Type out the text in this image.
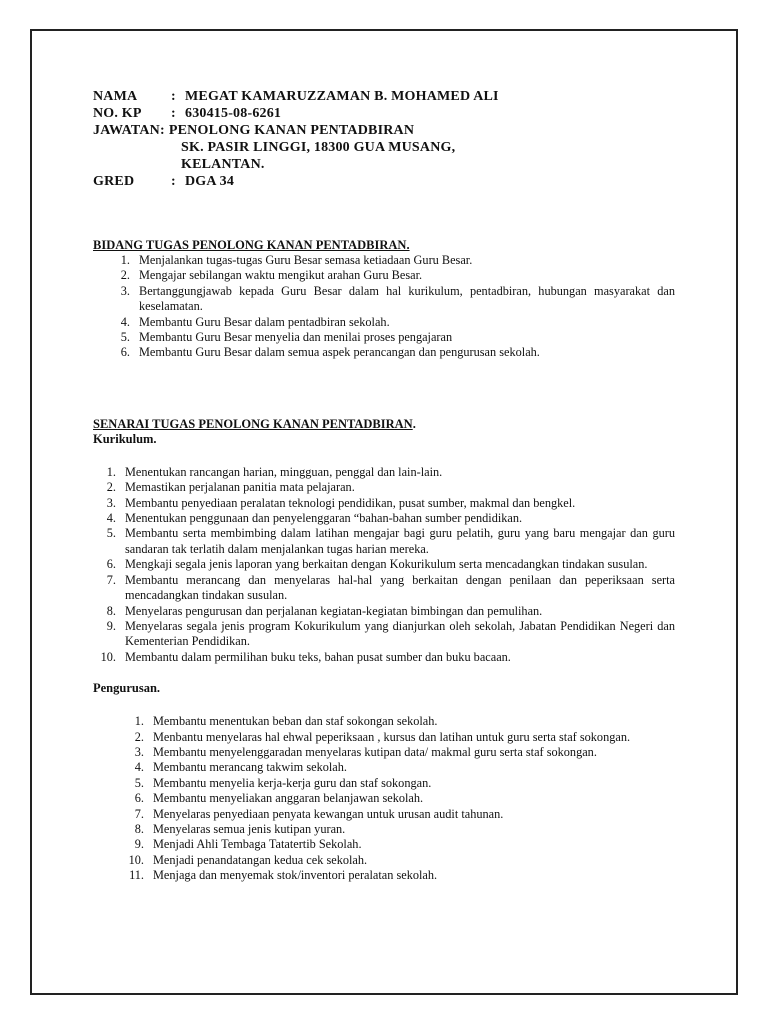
NAMA	: MEGAT KAMARUZZAMAN B. MOHAMED ALI
NO. KP	: 630415-08-6261
JAWATAN : PENOLONG KANAN PENTADBIRAN
SK. PASIR LINGGI, 18300 GUA MUSANG,
KELANTAN.
GRED	: DGA 34
BIDANG TUGAS PENOLONG KANAN PENTADBIRAN.
1. Menjalankan tugas-tugas Guru Besar semasa ketiadaan Guru Besar.
2. Mengajar sebilangan waktu mengikut arahan Guru Besar.
3. Bertanggungjawab kepada Guru Besar dalam hal kurikulum, pentadbiran, hubungan masyarakat dan keselamatan.
4. Membantu Guru Besar dalam pentadbiran sekolah.
5. Membantu Guru Besar menyelia dan menilai proses pengajaran
6. Membantu Guru Besar dalam semua aspek perancangan dan pengurusan sekolah.
SENARAI TUGAS PENOLONG KANAN PENTADBIRAN.
Kurikulum.
1. Menentukan rancangan harian, mingguan, penggal dan lain-lain.
2. Memastikan perjalanan panitia mata pelajaran.
3. Membantu penyediaan peralatan teknologi pendidikan, pusat sumber, makmal dan bengkel.
4. Menentukan penggunaan dan penyelenggaran “bahan-bahan sumber pendidikan.
5. Membantu serta membimbing dalam latihan mengajar bagi guru pelatih, guru yang baru mengajar dan guru sandaran tak terlatih dalam menjalankan tugas harian mereka.
6. Mengkaji segala jenis laporan yang berkaitan dengan Kokurikulum serta mencadangkan tindakan susulan.
7. Membantu merancang dan menyelaras hal-hal yang berkaitan dengan penilaan dan peperiksaan serta mencadangkan tindakan susulan.
8. Menyelaras pengurusan dan perjalanan kegiatan-kegiatan bimbingan dan pemulihan.
9. Menyelaras segala jenis program Kokurikulum yang dianjurkan oleh sekolah, Jabatan Pendidikan Negeri dan Kementerian Pendidikan.
10. Membantu dalam permilihan buku teks, bahan pusat sumber dan buku bacaan.
Pengurusan.
1. Membantu menentukan beban dan staf sokongan sekolah.
2. Menbantu menyelaras hal ehwal peperiksaan , kursus dan latihan untuk guru serta staf sokongan.
3. Membantu menyelenggaradan menyelaras kutipan data/ makmal guru serta staf sokongan.
4. Membantu merancang takwim sekolah.
5. Membantu menyelia kerja-kerja guru dan staf sokongan.
6. Membantu menyeliakan anggaran belanjawan sekolah.
7. Menyelaras penyediaan penyata kewangan untuk urusan audit tahunan.
8. Menyelaras semua jenis kutipan yuran.
9. Menjadi Ahli Tembaga Tatatertib Sekolah.
10. Menjadi penandatangan kedua cek sekolah.
11. Menjaga dan menyemak stok/inventori peralatan sekolah.
